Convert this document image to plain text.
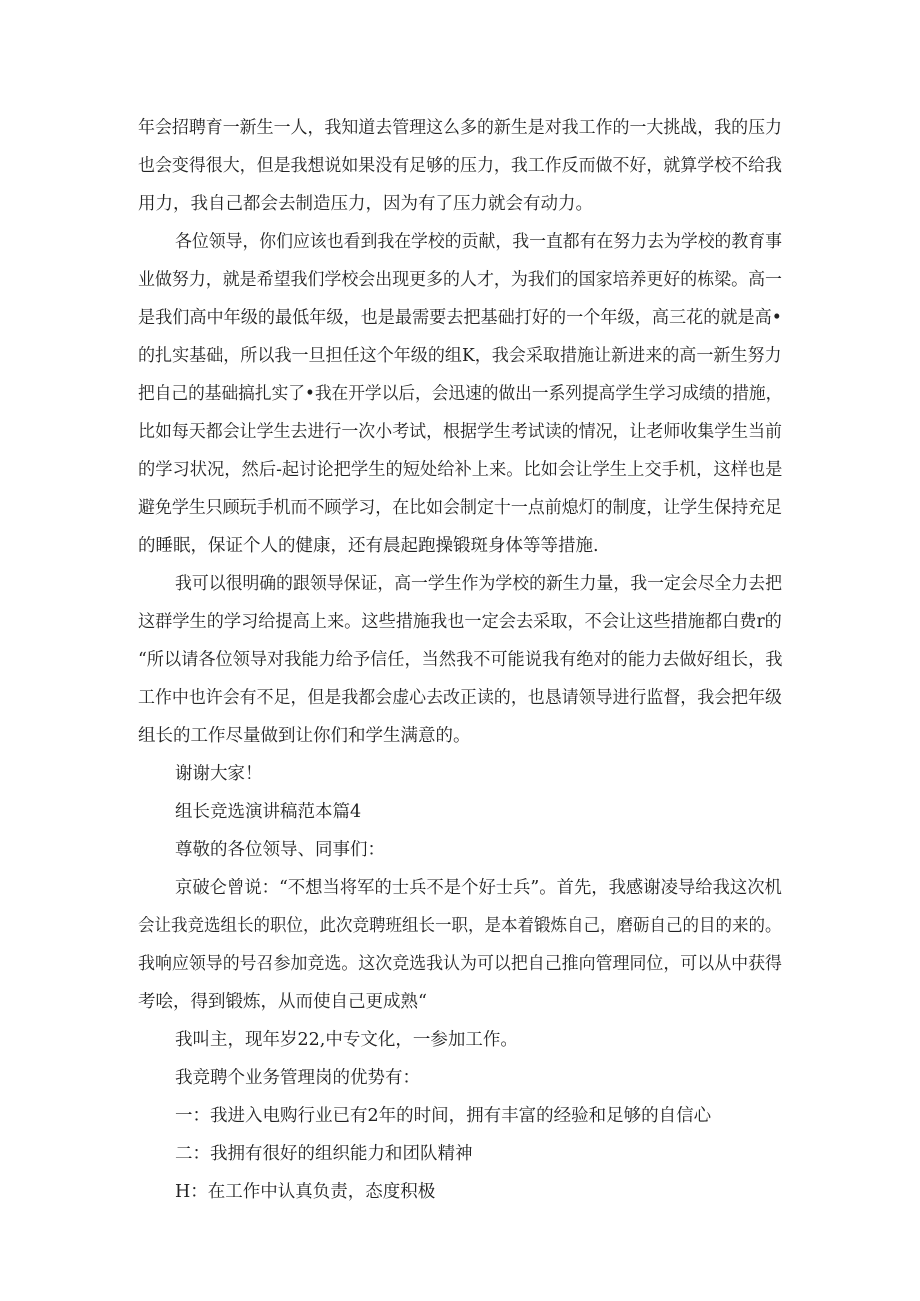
年会招聘育一新生一人，我知道去管理这么多的新生是对我工作的一大挑战，我的压力
也会变得很大，但是我想说如果没有足够的压力，我工作反而做不好，就算学校不给我
用力，我自己都会去制造压力，因为有了压力就会有动力。
各位领导，你们应该也看到我在学校的贡献，我一直都有在努力去为学校的教育事
业做努力，就是希望我们学校会出现更多的人才，为我们的国家培养更好的栋梁。高一
是我们高中年级的最低年级，也是最需要去把基础打好的一个年级，高三花的就是高•
的扎实基础，所以我一旦担任这个年级的组K，我会采取措施让新进来的高一新生努力
把自己的基础搞扎实了•我在开学以后，会迅速的做出一系列提高学生学习成绩的措施，
比如每天都会让学生去进行一次小考试，根据学生考试读的情况，让老师收集学生当前
的学习状况，然后-起讨论把学生的短处给补上来。比如会让学生上交手机，这样也是
避免学生只顾玩手机而不顾学习，在比如会制定十一点前熄灯的制度，让学生保持充足
的睡眠，保证个人的健康，还有晨起跑操锻斑身体等等措施.
我可以很明确的跟领导保证，高一学生作为学校的新生力量，我一定会尽全力去把
这群学生的学习给提高上来。这些措施我也一定会去采取，不会让这些措施都白费r的
“所以请各位领导对我能力给予信任，当然我不可能说我有绝对的能力去做好组长，我
工作中也许会有不足，但是我都会虚心去改正读的，也恳请领导进行监督，我会把年级
组长的工作尽量做到让你们和学生满意的。
谢谢大家！
组长竞选演讲稿范本篇4
尊敬的各位领导、同事们：
京破仑曾说：“不想当将军的士兵不是个好士兵”。首先，我感谢凌导给我这次机
会让我竞选组长的职位，此次竞聘班组长一职，是本着锻炼自己，磨砺自己的目的来的。
我响应领导的号召参加竞选。这次竞选我认为可以把自己推向管理同位，可以从中获得
考哙，得到锻炼，从而使自己更成熟“
我叫主，现年岁22,中专文化，一参加工作。
我竞聘个业务管理岗的优势有：
一：我进入电购行业已有2年的时间，拥有丰富的经验和足够的自信心
二：我拥有很好的组织能力和团队精神
H：在工作中认真负责，态度积极
